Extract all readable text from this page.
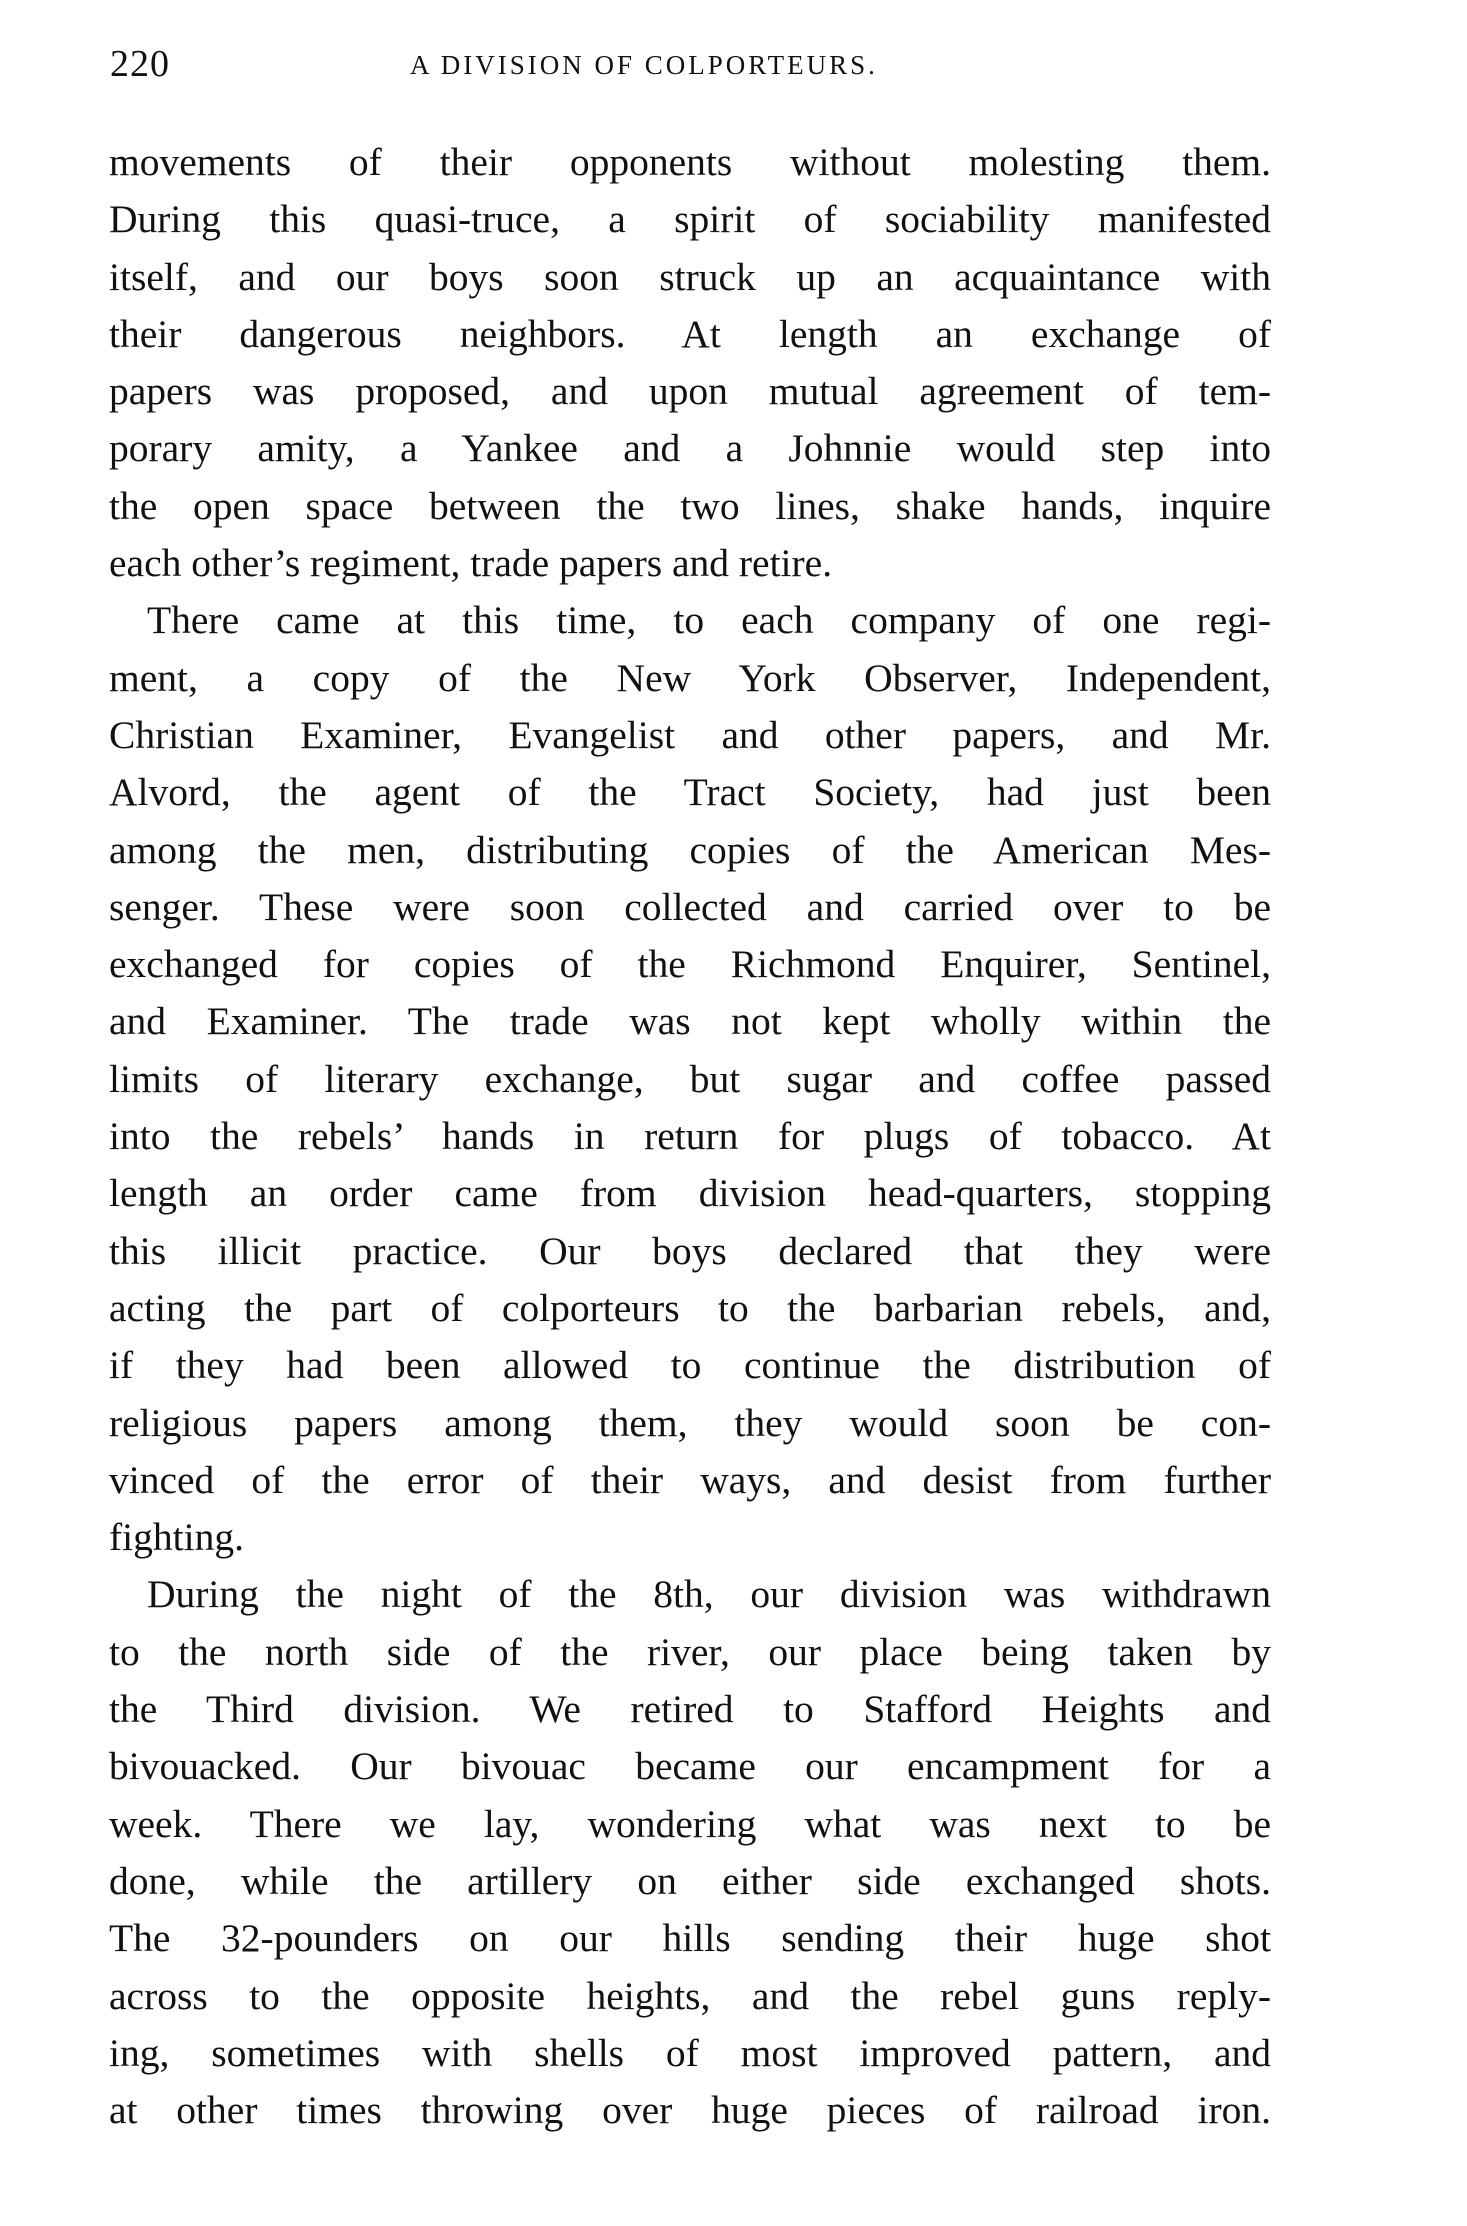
220	A DIVISION OF COLPORTEURS.
movements of their opponents without molesting them.
During this quasi-truce, a spirit of sociability manifested
itself, and our boys soon struck up an acquaintance with
their dangerous neighbors. At length an exchange of
papers was proposed, and upon mutual agreement of tem-
porary amity, a Yankee and a Johnnie would step into
the open space between the two lines, shake hands, inquire
each other’s regiment, trade papers and retire.
There came at this time, to each company of one regi-
ment, a copy of the New York Observer, Independent,
Christian Examiner, Evangelist and other papers, and Mr.
Alvord, the agent of the Tract Society, had just been
among the men, distributing copies of the American Mes-
senger. These were soon collected and carried over to be
exchanged for copies of the Richmond Enquirer, Sentinel,
and Examiner. The trade was not kept wholly within the
limits of literary exchange, but sugar and coffee passed
into the rebels’ hands in return for plugs of tobacco. At
length an order came from division head-quarters, stopping
this illicit practice. Our boys declared that they were
acting the part of colporteurs to the barbarian rebels, and,
if they had been allowed to continue the distribution of
religious papers among them, they would soon be con-
vinced of the error of their ways, and desist from further
fighting.
During the night of the 8th, our division was withdrawn
to the north side of the river, our place being taken by
the Third division. We retired to Stafford Heights and
bivouacked. Our bivouac became our encampment for a
week. There we lay, wondering what was next to be
done, while the artillery on either side exchanged shots.
The 32-pounders on our hills sending their huge shot
across to the opposite heights, and the rebel guns reply-
ing, sometimes with shells of most improved pattern, and
at other times throwing over huge pieces of railroad iron.
